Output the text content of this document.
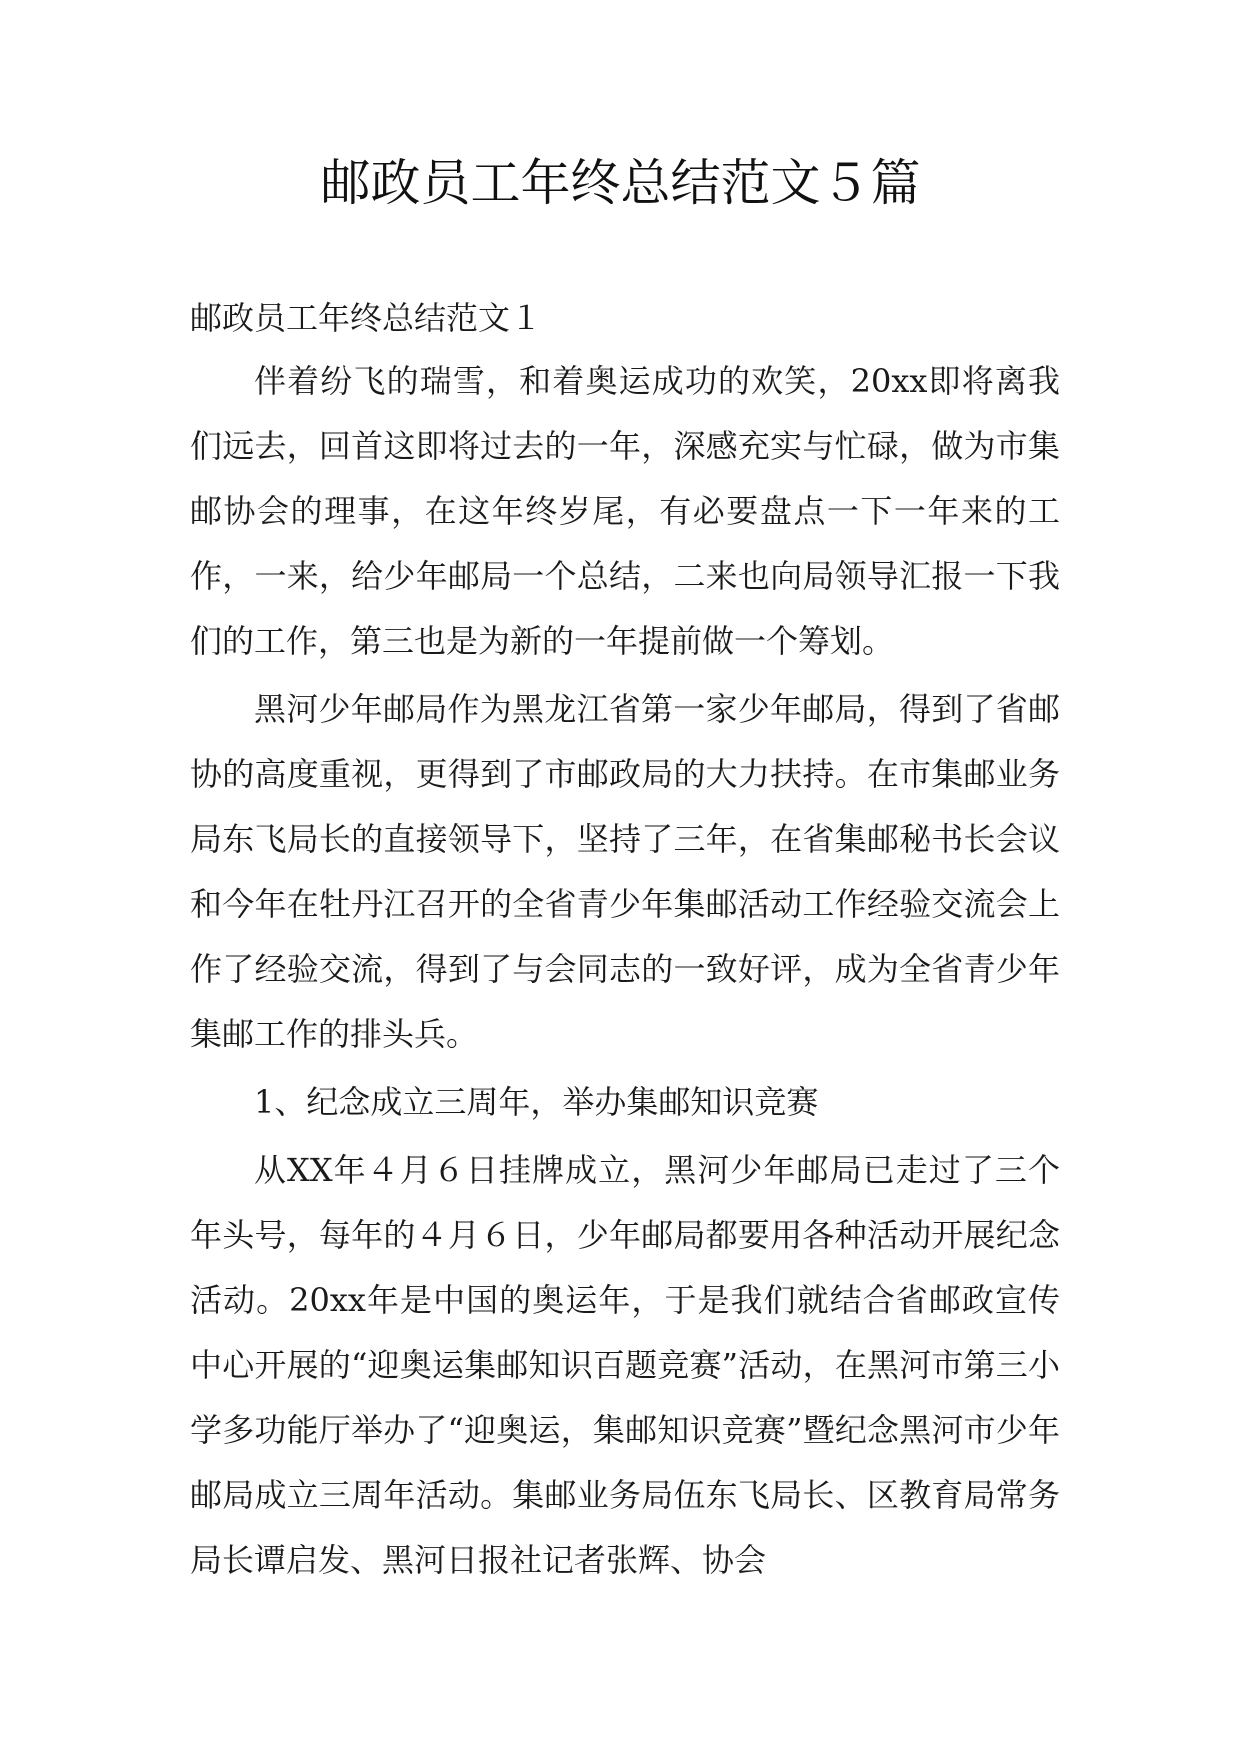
邮政员工年终总结范文５篇

邮政员工年终总结范文１

伴着纷飞的瑞雪，和着奥运成功的欢笑，20xx即将离我们远去，回首这即将过去的一年，深感充实与忙碌，做为市集邮协会的理事，在这年终岁尾，有必要盘点一下一年来的工作，一来，给少年邮局一个总结，二来也向局领导汇报一下我们的工作，第三也是为新的一年提前做一个筹划。

黑河少年邮局作为黑龙江省第一家少年邮局，得到了省邮协的高度重视，更得到了市邮政局的大力扶持。在市集邮业务局东飞局长的直接领导下，坚持了三年，在省集邮秘书长会议和今年在牡丹江召开的全省青少年集邮活动工作经验交流会上作了经验交流，得到了与会同志的一致好评，成为全省青少年集邮工作的排头兵。

1、纪念成立三周年，举办集邮知识竞赛

从XX年４月６日挂牌成立，黑河少年邮局已走过了三个年头号，每年的４月６日，少年邮局都要用各种活动开展纪念活动。20xx年是中国的奥运年，于是我们就结合省邮政宣传中心开展的“迎奥运集邮知识百题竞赛”活动，在黑河市第三小学多功能厅举办了“迎奥运，集邮知识竞赛”暨纪念黑河市少年邮局成立三周年活动。集邮业务局伍东飞局长、区教育局常务局长谭启发、黑河日报社记者张辉、协会
